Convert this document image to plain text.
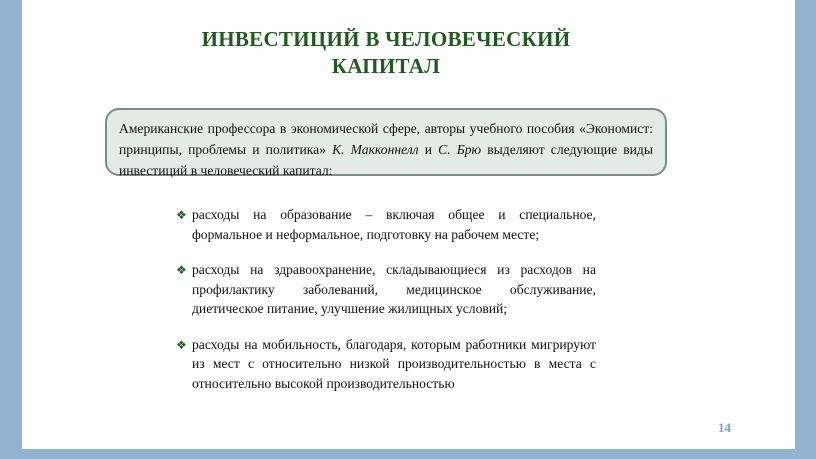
ИНВЕСТИЦИЙ В ЧЕЛОВЕЧЕСКИЙ
КАПИТАЛ
Американские профессора в экономической сфере, авторы учебного пособия «Экономист: принципы, проблемы и политика» К. Макконнелл и С. Брю выделяют следующие виды инвестиций в человеческий капитал:
❖ расходы на образование – включая общее и специальное, формальное и неформальное, подготовку на рабочем месте;
❖ расходы на здравоохранение, складывающиеся из расходов на профилактику заболеваний, медицинское обслуживание, диетическое питание, улучшение жилищных условий;
❖ расходы на мобильность, благодаря, которым работники мигрируют из мест с относительно низкой производительностью в места с относительно высокой производительностью
14
